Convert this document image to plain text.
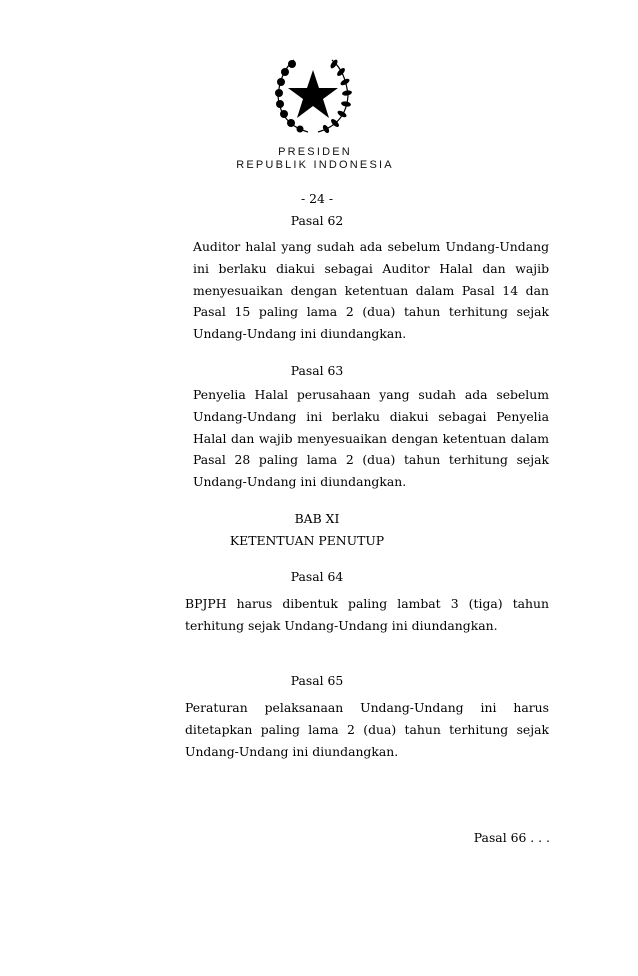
PRESIDEN
REPUBLIK INDONESIA
- 24 -
Pasal 62
Auditor halal yang sudah ada sebelum Undang-Undang ini berlaku diakui sebagai Auditor Halal dan wajib menyesuaikan dengan ketentuan dalam Pasal 14 dan Pasal 15 paling lama 2 (dua) tahun terhitung sejak Undang-Undang ini diundangkan.
Pasal 63
Penyelia Halal perusahaan yang sudah ada sebelum Undang-Undang ini berlaku diakui sebagai Penyelia Halal dan wajib menyesuaikan dengan ketentuan dalam Pasal 28 paling lama 2 (dua) tahun terhitung sejak Undang-Undang ini diundangkan.
BAB XI
KETENTUAN PENUTUP
Pasal 64
BPJPH harus dibentuk paling lambat 3 (tiga) tahun terhitung sejak Undang-Undang ini diundangkan.
Pasal 65
Peraturan pelaksanaan Undang-Undang ini harus ditetapkan paling lama 2 (dua) tahun terhitung sejak Undang-Undang ini diundangkan.
Pasal 66 . . .
